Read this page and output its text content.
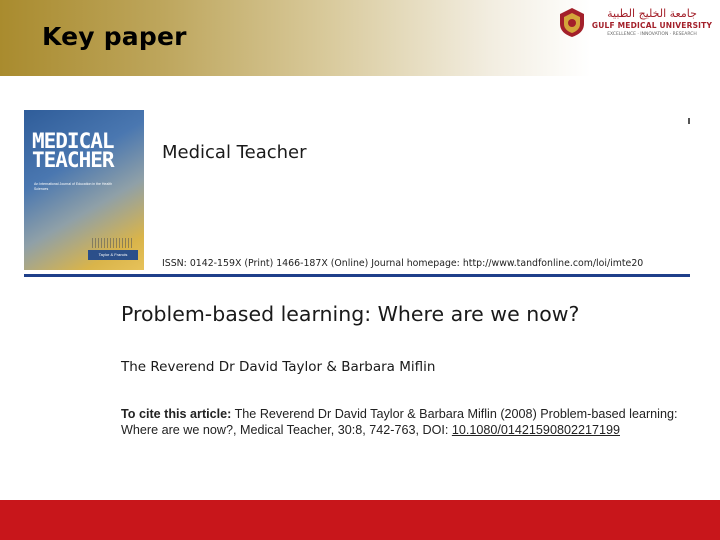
Key paper
جامعة الخليج الطبية
GULF MEDICAL UNIVERSITY
EXCELLENCE · INNOVATION · RESEARCH
MEDICAL TEACHER
An International Journal of Education in the Health Sciences
Taylor & Francis
Medical Teacher
ISSN: 0142-159X (Print) 1466-187X (Online) Journal homepage: http://www.tandfonline.com/loi/imte20
Problem-based learning: Where are we now?
The Reverend Dr David Taylor & Barbara Miflin
To cite this article: The Reverend Dr David Taylor & Barbara Miflin (2008) Problem-based learning: Where are we now?, Medical Teacher, 30:8, 742-763, DOI: 10.1080/01421590802217199
